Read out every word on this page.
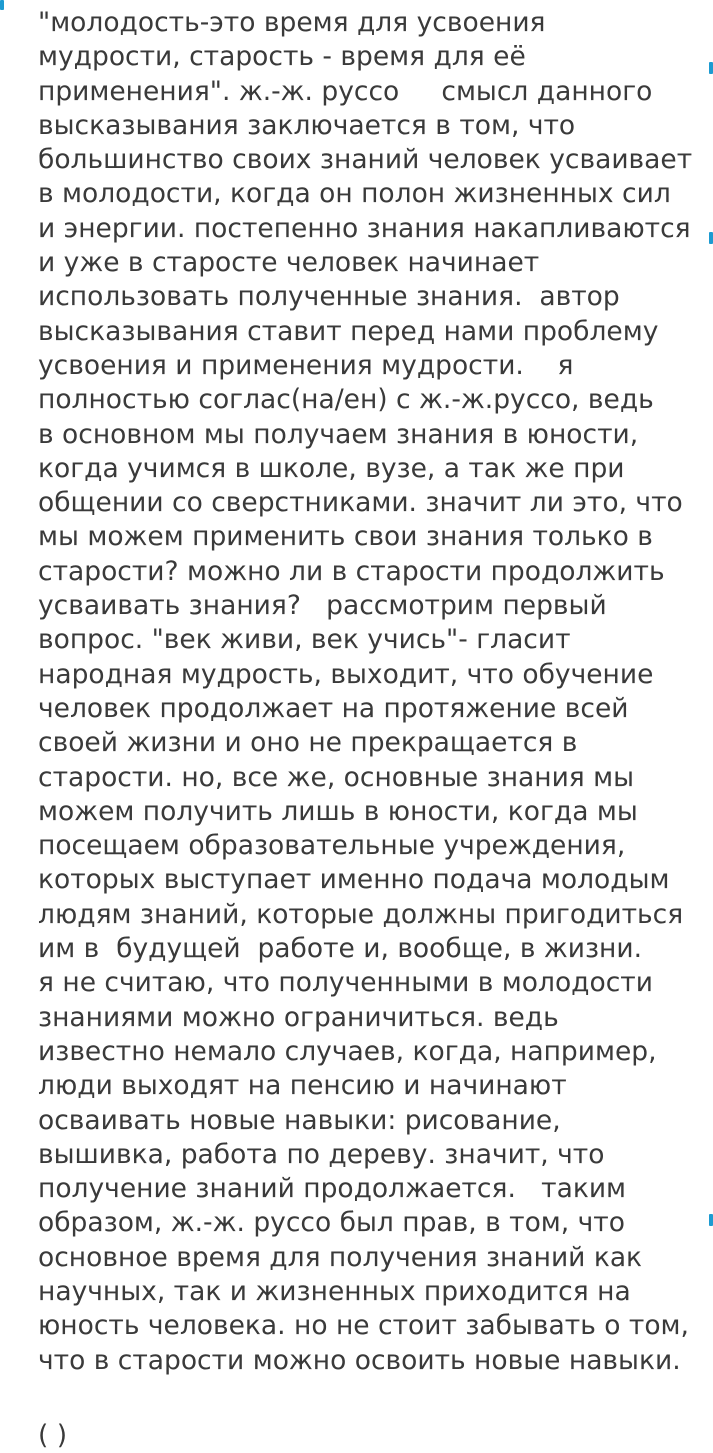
"молодость-это время для усвоения
мудрости, старость - время для её
применения". ж.-ж. руссо     смысл данного
высказывания заключается в том, что
большинство своих знаний человек усваивает
в молодости, когда он полон жизненных сил
и энергии. постепенно знания накапливаются
и уже в старосте человек начинает
использовать полученные знания.  автор
высказывания ставит перед нами проблему
усвоения и применения мудрости.    я
полностью соглас(на/ен) с ж.-ж.руссо, ведь
в основном мы получаем знания в юности,
когда учимся в школе, вузе, а так же при
общении со сверстниками. значит ли это, что
мы можем применить свои знания только в
старости? можно ли в старости продолжить
усваивать знания?   рассмотрим первый
вопрос. "век живи, век учись"- гласит
народная мудрость, выходит, что обучение
человек продолжает на протяжение всей
своей жизни и оно не прекращается в
старости. но, все же, основные знания мы
можем получить лишь в юности, когда мы
посещаем образовательные учреждения,
которых выступает именно подача молодым
людям знаний, которые должны пригодиться
им в  будущей  работе и, вообще, в жизни.
я не считаю, что полученными в молодости
знаниями можно ограничиться. ведь
известно немало случаев, когда, например,
люди выходят на пенсию и начинают
осваивать новые навыки: рисование,
вышивка, работа по дереву. значит, что
получение знаний продолжается.   таким
образом, ж.-ж. руссо был прав, в том, что
основное время для получения знаний как
научных, так и жизненных приходится на
юность человека. но не стоит забывать о том,
что в старости можно освоить новые навыки.
( )
